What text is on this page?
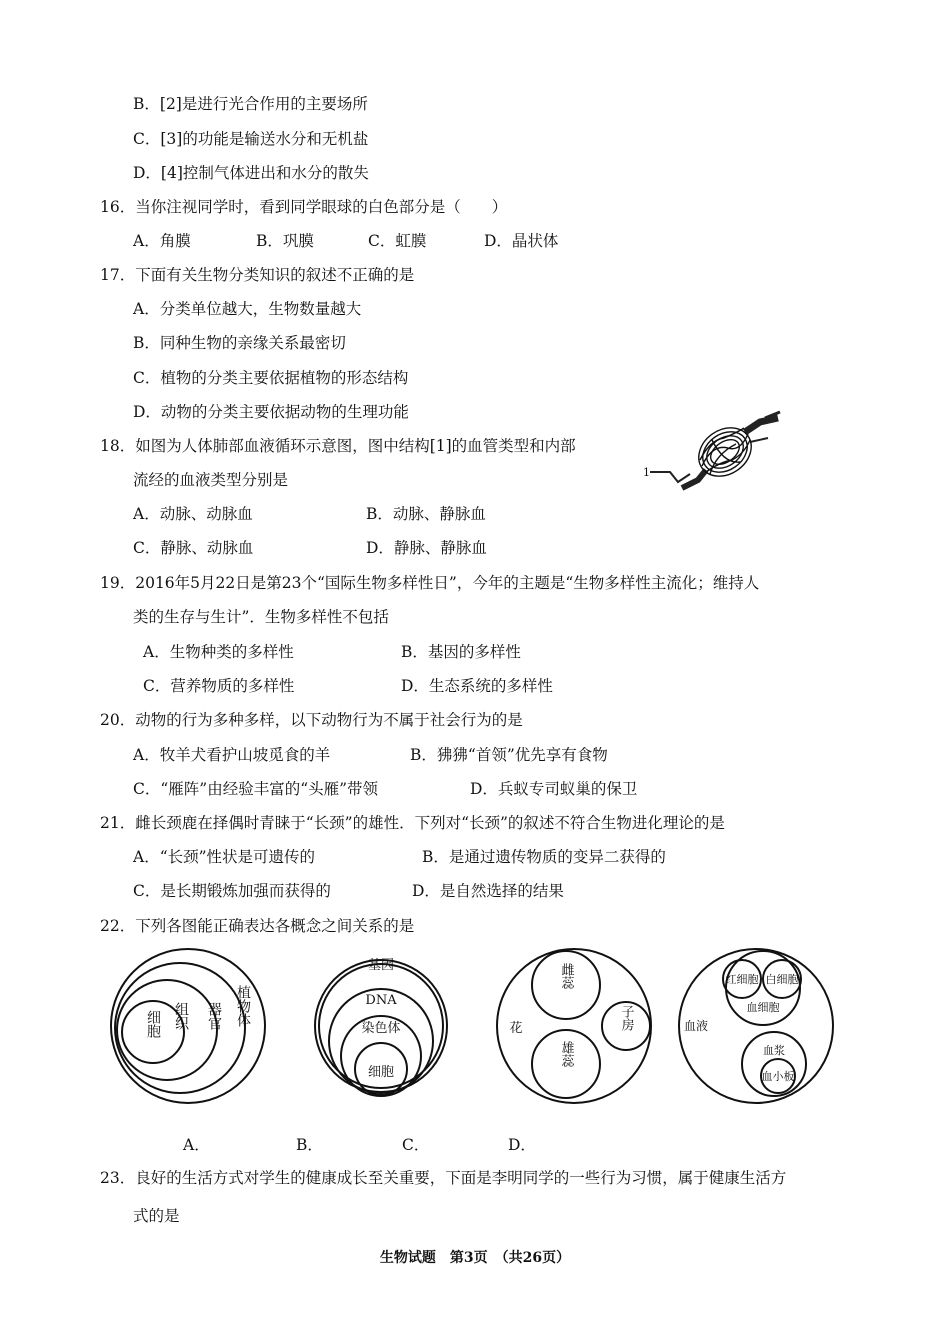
B．[2]是进行光合作用的主要场所
C．[3]的功能是输送水分和无机盐
D．[4]控制气体进出和水分的散失
16．当你注视同学时，看到同学眼球的白色部分是（　　）
A．角膜	B．巩膜	C．虹膜	D．晶状体
17．下面有关生物分类知识的叙述不正确的是
A．分类单位越大，生物数量越大
B．同种生物的亲缘关系最密切
C．植物的分类主要依据植物的形态结构
D．动物的分类主要依据动物的生理功能
18．如图为人体肺部血液循环示意图，图中结构[1]的血管类型和内部
流经的血液类型分别是
A．动脉、动脉血	B．动脉、静脉血
C．静脉、动脉血	D．静脉、静脉血
1
19．2016年5月22日是第23个“国际生物多样性日”，今年的主题是“生物多样性主流化；维持人
类的生存与生计”．生物多样性不包括
A．生物种类的多样性	B．基因的多样性
C．营养物质的多样性	D．生态系统的多样性
20．动物的行为多种多样，以下动物行为不属于社会行为的是
A．牧羊犬看护山坡觅食的羊	B．狒狒“首领”优先享有食物
C．“雁阵”由经验丰富的“头雁”带领	D．兵蚁专司蚁巢的保卫
21．雌长颈鹿在择偶时青睐于“长颈”的雄性．下列对“长颈”的叙述不符合生物进化理论的是
A．“长颈”性状是可遗传的	B．是通过遗传物质的变异二获得的
C．是长期锻炼加强而获得的	D．是自然选择的结果
22．下列各图能正确表达各概念之间关系的是
细胞 组织 器官 植物体
基因
DNA
染色体
细胞
花
雌蕊
雄蕊
子房
红细胞 白细胞
血细胞
血液
血浆
血小板
A．	B．	C．	D．
23．良好的生活方式对学生的健康成长至关重要，下面是李明同学的一些行为习惯，属于健康生活方
式的是
生物试题　第3页　（共26页）
